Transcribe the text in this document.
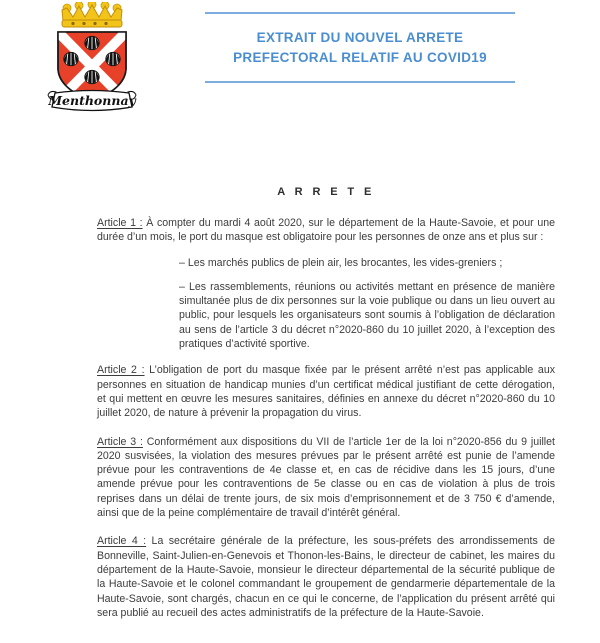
Menthonnay
EXTRAIT DU NOUVEL ARRETE
PREFECTORAL RELATIF AU COVID19
A R R E T E

Article 1 : À compter du mardi 4 août 2020, sur le département de la Haute-Savoie, et pour une durée d’un mois, le port du masque est obligatoire pour les personnes de onze ans et plus sur :

– Les marchés publics de plein air, les brocantes, les vides-greniers ;
– Les rassemblements, réunions ou activités mettant en présence de manière simultanée plus de dix personnes sur la voie publique ou dans un lieu ouvert au public, pour lesquels les organisateurs sont soumis à l’obligation de déclaration au sens de l’article 3 du décret n°2020-860 du 10 juillet 2020, à l’exception des pratiques d’activité sportive.

Article 2 : L’obligation de port du masque fixée par le présent arrêté n’est pas applicable aux personnes en situation de handicap munies d’un certificat médical justifiant de cette dérogation, et qui mettent en œuvre les mesures sanitaires, définies en annexe du décret n°2020-860 du 10 juillet 2020, de nature à prévenir la propagation du virus.

Article 3 : Conformément aux dispositions du VII de l’article 1er de la loi n°2020-856 du 9 juillet 2020 susvisées, la violation des mesures prévues par le présent arrêté est punie de l’amende prévue pour les contraventions de 4e classe et, en cas de récidive dans les 15 jours, d’une amende prévue pour les contraventions de 5e classe ou en cas de violation à plus de trois reprises dans un délai de trente jours, de six mois d’emprisonnement et de 3 750 € d’amende, ainsi que de la peine complémentaire de travail d’intérêt général.

Article 4 : La secrétaire générale de la préfecture, les sous-préfets des arrondissements de Bonneville, Saint-Julien-en-Genevois et Thonon-les-Bains, le directeur de cabinet, les maires du département de la Haute-Savoie, monsieur le directeur départemental de la sécurité publique de la Haute-Savoie et le colonel commandant le groupement de gendarmerie départementale de la Haute-Savoie, sont chargés, chacun en ce qui le concerne, de l’application du présent arrêté qui sera publié au recueil des actes administratifs de la préfecture de la Haute-Savoie.
